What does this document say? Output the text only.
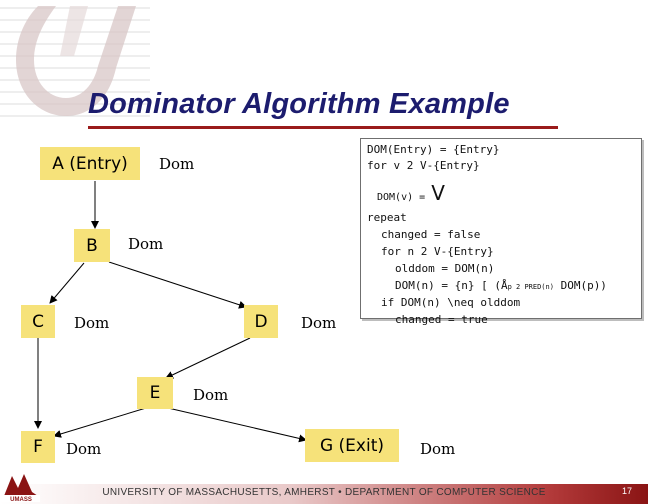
Dominator Algorithm Example
A (Entry)
B
C	D
E
F	G (Exit)
Dom
Dom
Dom	Dom
Dom
Dom	Dom
DOM(Entry) = {Entry}
for v 2 V-{Entry}
DOM(v) = V
repeat
changed = false
for n 2 V-{Entry}
olddom = DOM(n)
DOM(n) = {n} [ (Åp 2 PRED(n) DOM(p))
if DOM(n) \neq olddom
changed = true
UNIVERSITY OF MASSACHUSETTS, AMHERST • DEPARTMENT OF COMPUTER SCIENCE	17
UMASS
